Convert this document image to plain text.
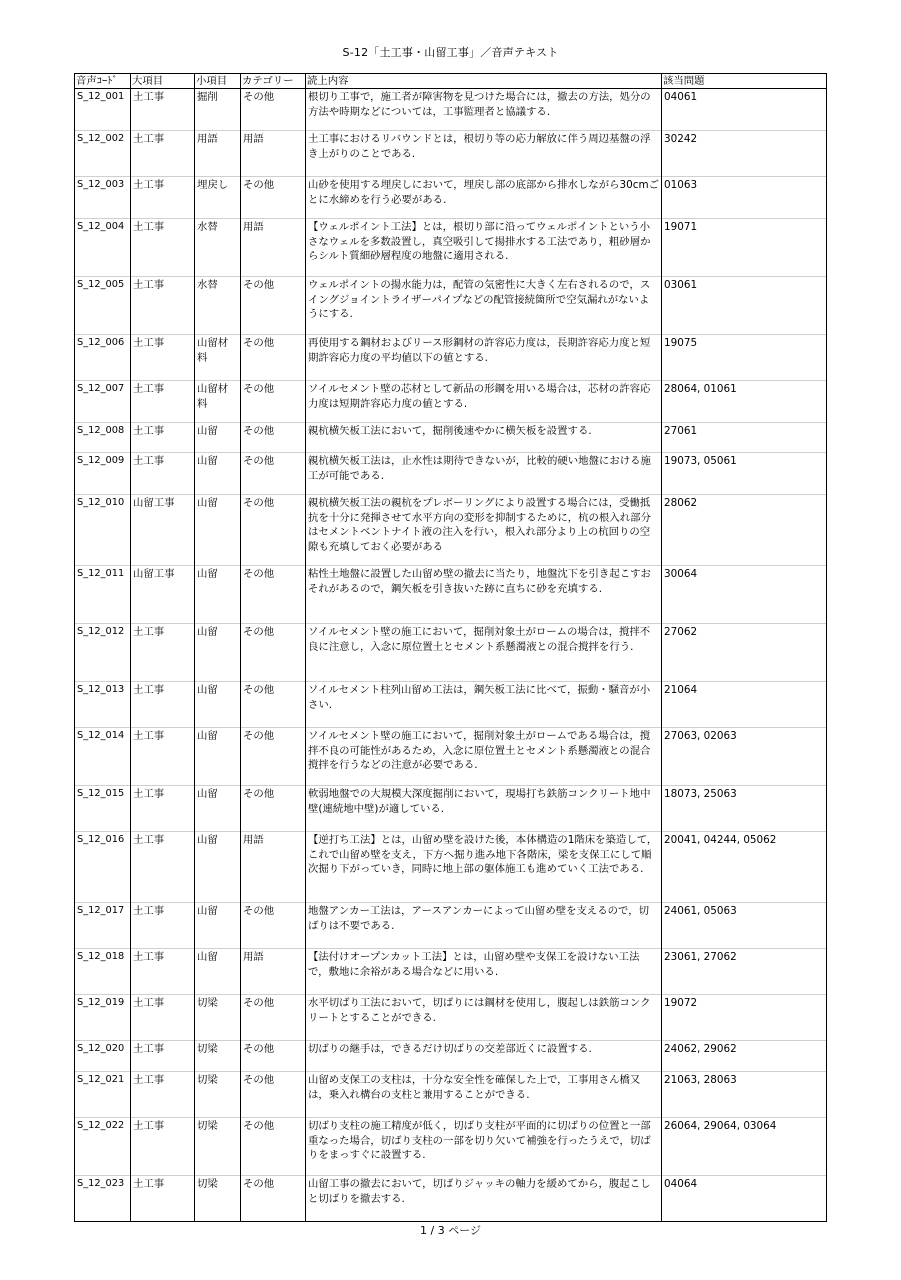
S-12「土工事・山留工事」／音声テキスト
音声ｺｰﾄﾞ	大項目	小項目	カテゴリー	読上内容	該当問題
S_12_001	土工事	掘削	その他	根切り工事で，施工者が障害物を見つけた場合には，撤去の方法，処分の方法や時期などについては，工事監理者と協議する.	04061
S_12_002	土工事	用語	用語	土工事におけるリバウンドとは，根切り等の応力解放に伴う周辺基盤の浮き上がりのことである.	30242
S_12_003	土工事	埋戻し	その他	山砂を使用する埋戻しにおいて，埋戻し部の底部から排水しながら30cmごとに水締めを行う必要がある.	01063
S_12_004	土工事	水替	用語	【ウェルポイント工法】とは，根切り部に沿ってウェルポイントという小さなウェルを多数設置し，真空吸引して揚排水する工法であり，粗砂層からシルト質細砂層程度の地盤に適用される.	19071
S_12_005	土工事	水替	その他	ウェルポイントの揚水能力は，配管の気密性に大きく左右されるので，スイングジョイントライザーパイプなどの配管接続箇所で空気漏れがないようにする.	03061
S_12_006	土工事	山留材料	その他	再使用する鋼材およびリース形鋼材の許容応力度は，長期許容応力度と短期許容応力度の平均値以下の値とする.	19075
S_12_007	土工事	山留材料	その他	ソイルセメント壁の芯材として新品の形鋼を用いる場合は，芯材の許容応力度は短期許容応力度の値とする.	28064, 01061
S_12_008	土工事	山留	その他	親杭横矢板工法において，掘削後速やかに横矢板を設置する.	27061
S_12_009	土工事	山留	その他	親杭横矢板工法は，止水性は期待できないが，比較的硬い地盤における施工が可能である.	19073, 05061
S_12_010	山留工事	山留	その他	親杭横矢板工法の親杭をプレボーリングにより設置する場合には，受働抵抗を十分に発揮させて水平方向の変形を抑制するために，杭の根入れ部分はセメントベントナイト液の注入を行い，根入れ部分より上の杭回りの空隙も充填しておく必要がある	28062
S_12_011	山留工事	山留	その他	粘性土地盤に設置した山留め壁の撤去に当たり，地盤沈下を引き起こすおそれがあるので，鋼矢板を引き抜いた跡に直ちに砂を充填する.	30064
S_12_012	土工事	山留	その他	ソイルセメント壁の施工において，掘削対象土がロームの場合は，撹拌不良に注意し，入念に原位置土とセメント系懸濁液との混合撹拌を行う.	27062
S_12_013	土工事	山留	その他	ソイルセメント柱列山留め工法は，鋼矢板工法に比べて，振動・騒音が小さい.	21064
S_12_014	土工事	山留	その他	ソイルセメント壁の施工において，掘削対象土がロームである場合は，撹拌不良の可能性があるため，入念に原位置土とセメント系懸濁液との混合撹拌を行うなどの注意が必要である.	27063, 02063
S_12_015	土工事	山留	その他	軟弱地盤での大規模大深度掘削において，現場打ち鉄筋コンクリート地中壁(連続地中壁)が適している.	18073, 25063
S_12_016	土工事	山留	用語	【逆打ち工法】とは，山留め壁を設けた後，本体構造の1階床を築造して，これで山留め壁を支え，下方へ掘り進み地下各階床，梁を支保工にして順次掘り下がっていき，同時に地上部の躯体施工も進めていく工法である.	20041, 04244, 05062
S_12_017	土工事	山留	その他	地盤アンカー工法は，アースアンカーによって山留め壁を支えるので，切ばりは不要である.	24061, 05063
S_12_018	土工事	山留	用語	【法付けオープンカット工法】とは，山留め壁や支保工を設けない工法で，敷地に余裕がある場合などに用いる.	23061, 27062
S_12_019	土工事	切梁	その他	水平切ばり工法において，切ばりには鋼材を使用し，腹起しは鉄筋コンクリートとすることができる.	19072
S_12_020	土工事	切梁	その他	切ばりの継手は，できるだけ切ばりの交差部近くに設置する.	24062, 29062
S_12_021	土工事	切梁	その他	山留め支保工の支柱は，十分な安全性を確保した上で，工事用さん橋又は，乗入れ構台の支柱と兼用することができる.	21063, 28063
S_12_022	土工事	切梁	その他	切ばり支柱の施工精度が低く，切ばり支柱が平面的に切ばりの位置と一部重なった場合，切ばり支柱の一部を切り欠いて補強を行ったうえで，切ばりをまっすぐに設置する.	26064, 29064, 03064
S_12_023	土工事	切梁	その他	山留工事の撤去において，切ばりジャッキの軸力を緩めてから，腹起こしと切ばりを撤去する.	04064
1 / 3 ページ
